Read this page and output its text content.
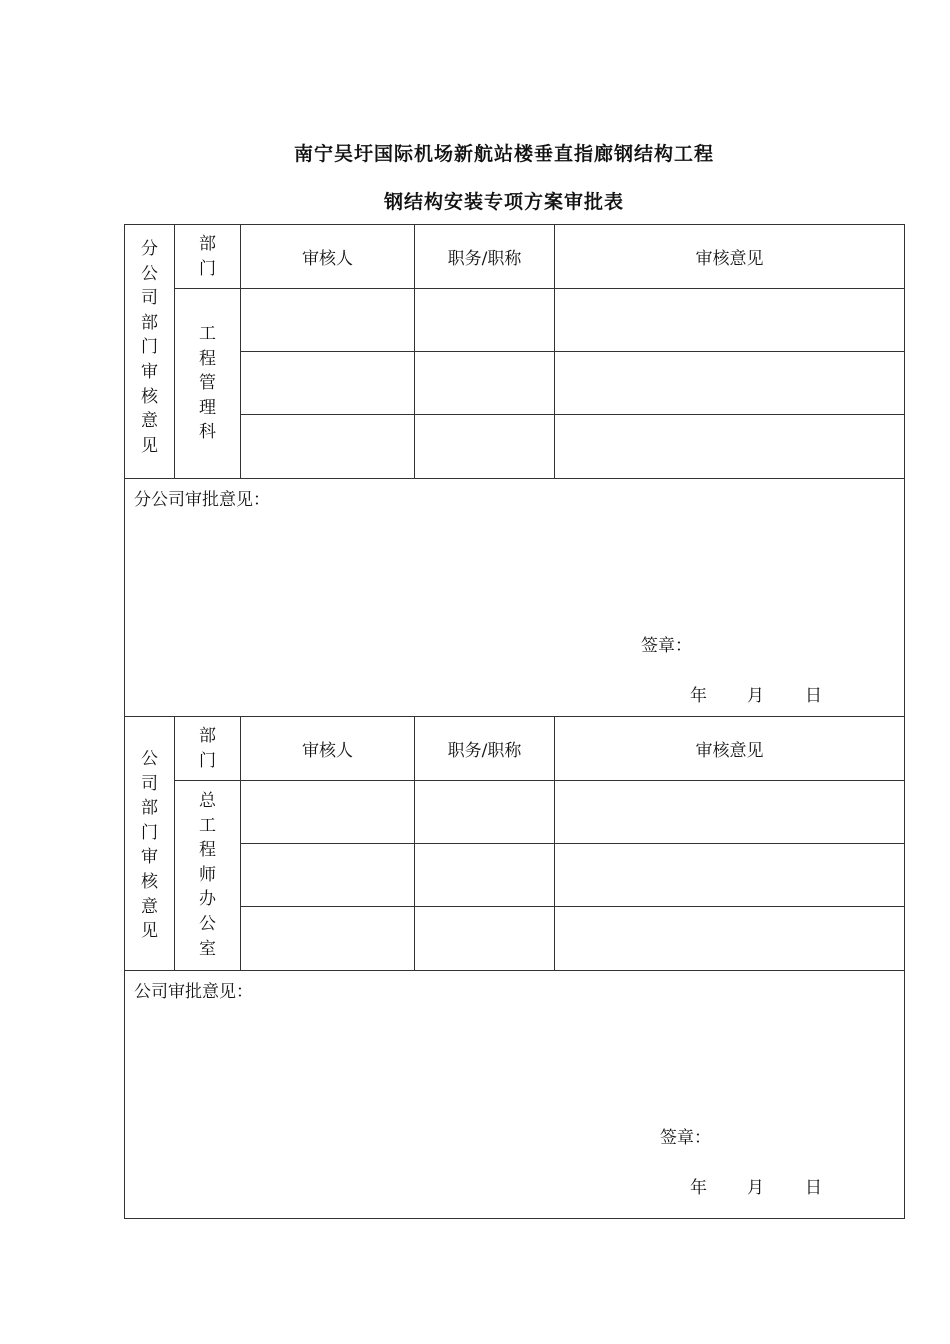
南宁吴圩国际机场新航站楼垂直指廊钢结构工程
钢结构安装专项方案审批表
分公司部门审核意见
部门	审核人	职务/职称	审核意见
工程管理科
分公司审批意见：
签章：
年 月 日
公司部门审核意见
部门	审核人	职务/职称	审核意见
总工程师办公室
公司审批意见：
签章：
年 月 日
